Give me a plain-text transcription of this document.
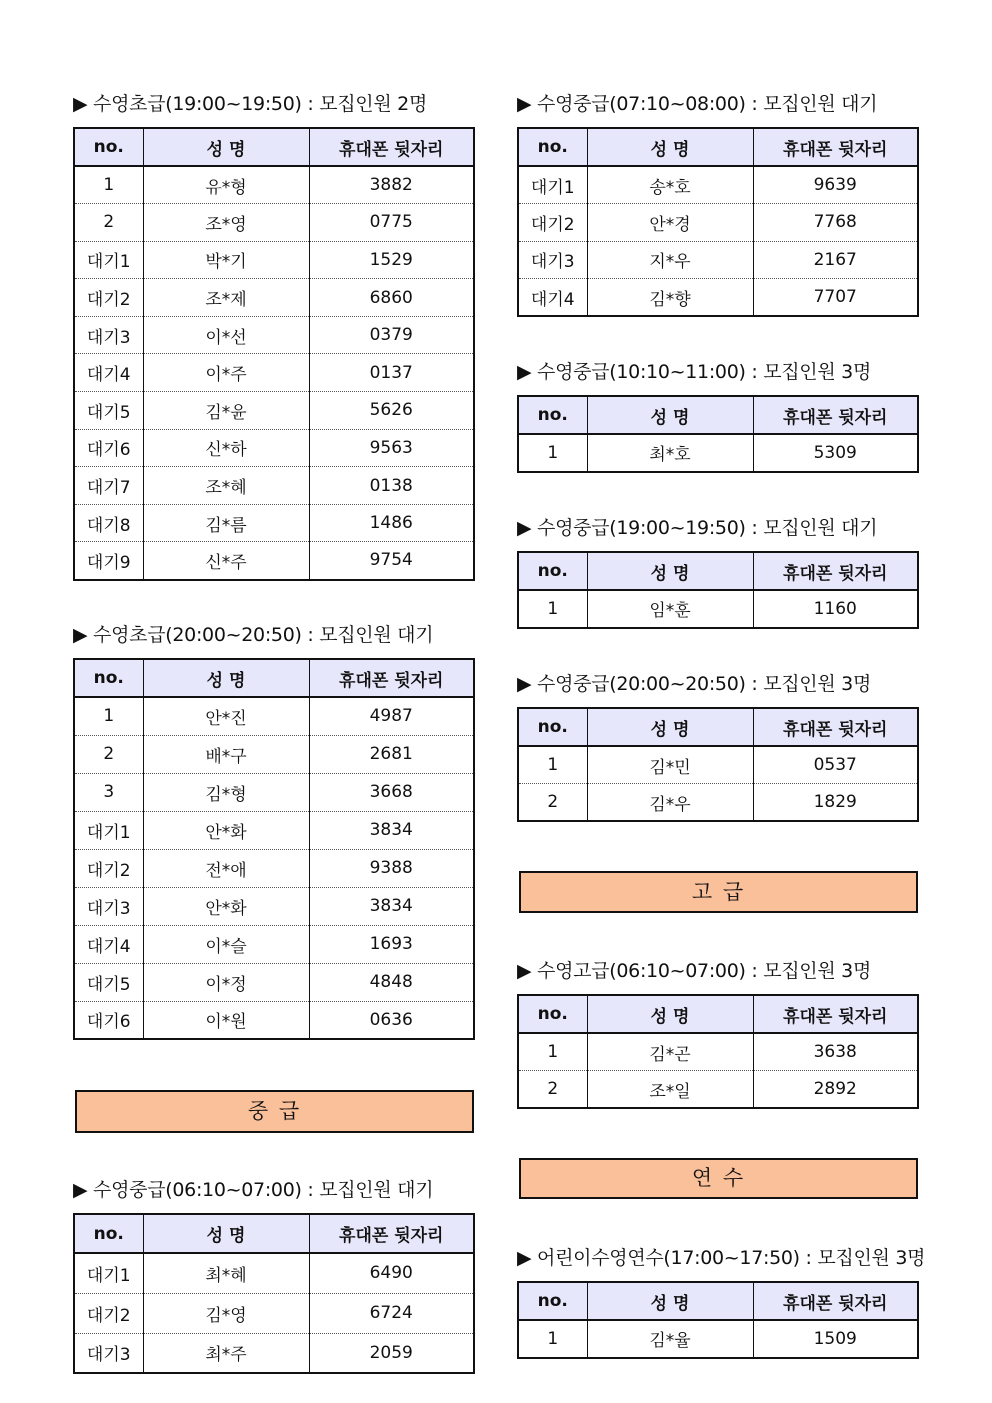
▶ 수영초급(19:00~19:50) : 모집인원 2명
no.	성 명	휴대폰 뒷자리
1	유*형	3882
2	조*영	0775
대기1	박*기	1529
대기2	조*제	6860
대기3	이*선	0379
대기4	이*주	0137
대기5	김*윤	5626
대기6	신*하	9563
대기7	조*혜	0138
대기8	김*름	1486
대기9	신*주	9754
▶ 수영초급(20:00~20:50) : 모집인원 대기
no.	성 명	휴대폰 뒷자리
1	안*진	4987
2	배*구	2681
3	김*형	3668
대기1	안*화	3834
대기2	전*애	9388
대기3	안*화	3834
대기4	이*슬	1693
대기5	이*정	4848
대기6	이*원	0636
▶ 수영중급(06:10~07:00) : 모집인원 대기
no.	성 명	휴대폰 뒷자리
대기1	최*혜	6490
대기2	김*영	6724
대기3	최*주	2059
▶ 수영중급(07:10~08:00) : 모집인원 대기
no.	성 명	휴대폰 뒷자리
대기1	송*호	9639
대기2	안*경	7768
대기3	지*우	2167
대기4	김*향	7707
▶ 수영중급(10:10~11:00) : 모집인원 3명
no.	성 명	휴대폰 뒷자리
1	최*호	5309
▶ 수영중급(19:00~19:50) : 모집인원 대기
no.	성 명	휴대폰 뒷자리
1	임*훈	1160
▶ 수영중급(20:00~20:50) : 모집인원 3명
no.	성 명	휴대폰 뒷자리
1	김*민	0537
2	김*우	1829
▶ 수영고급(06:10~07:00) : 모집인원 3명
no.	성 명	휴대폰 뒷자리
1	김*곤	3638
2	조*일	2892
▶ 어린이수영연수(17:00~17:50) : 모집인원 3명
no.	성 명	휴대폰 뒷자리
1	김*율	1509
중 급
고 급
연 수
